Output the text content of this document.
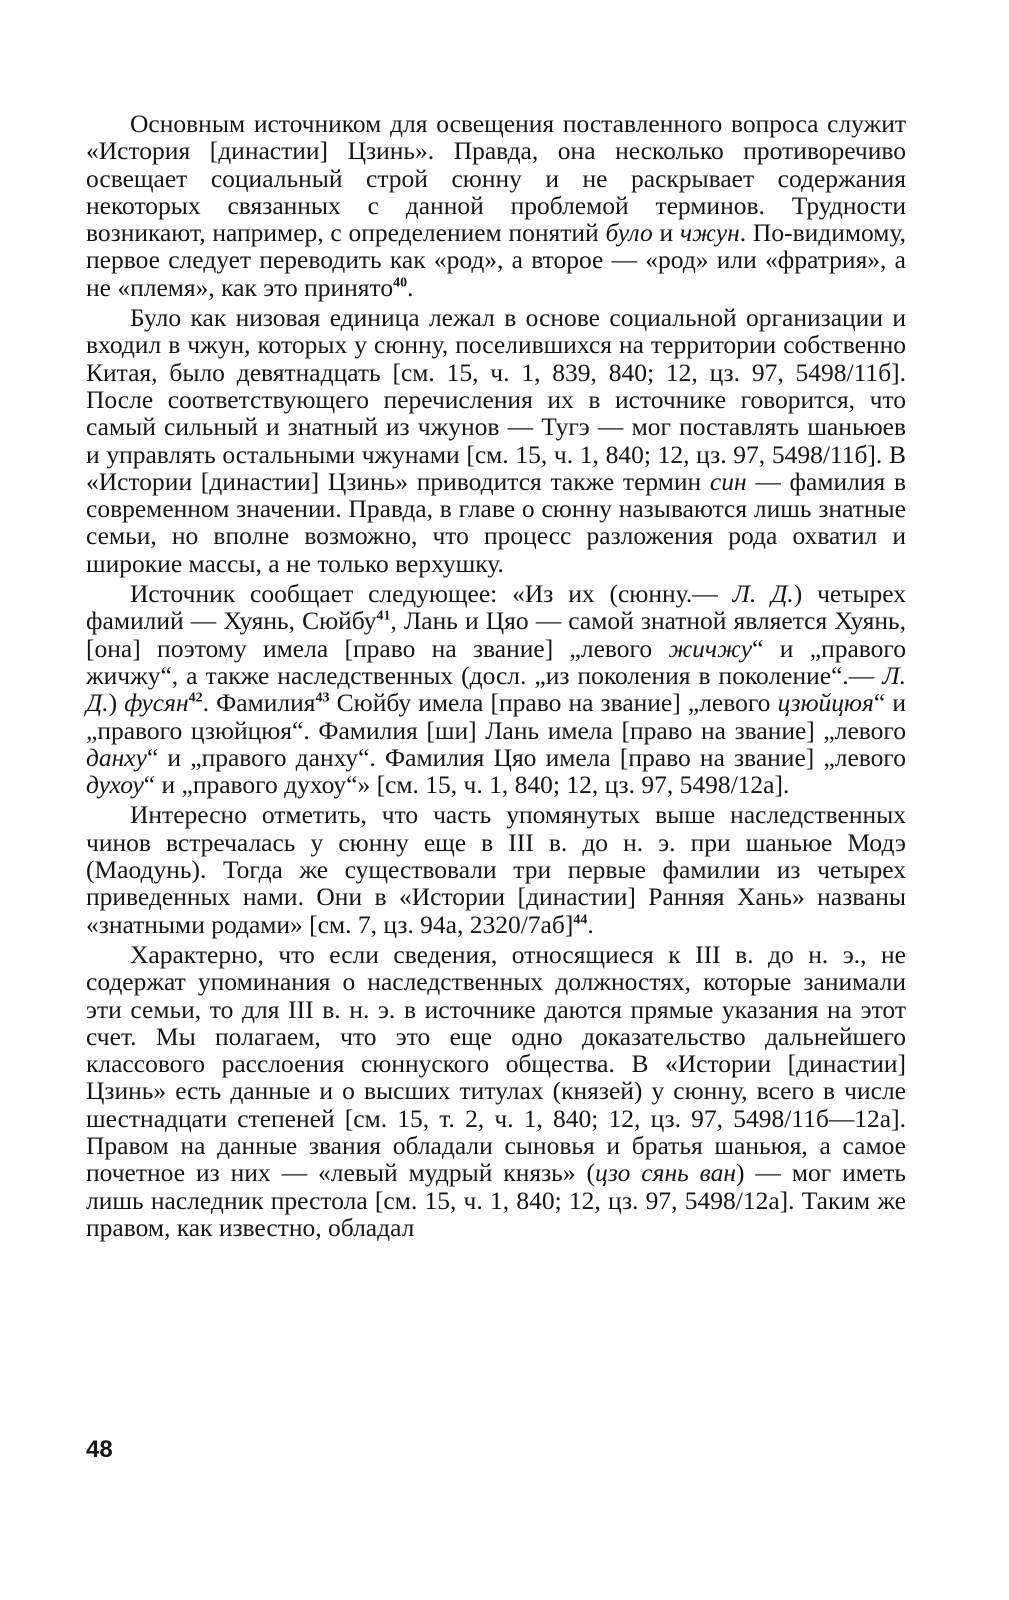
Основным источником для освещения поставленного вопроса служит «История [династии] Цзинь». Правда, она несколько противоречиво освещает социальный строй сюнну и не раскрывает содержания некоторых связанных с данной проблемой терминов. Трудности возникают, например, с определением понятий було и чжун. По-видимому, первое следует переводить как «род», а второе — «род» или «фратрия», а не «племя», как это принято$^{40}$.

Було как низовая единица лежал в основе социальной организации и входил в чжун, которых у сюнну, поселившихся на территории собственно Китая, было девятнадцать [см. 15, ч. 1, 839, 840; 12, цз. 97, 5498/11б]. После соответствующего перечисления их в источнике говорится, что самый сильный и знатный из чжунов — Тугэ — мог поставлять шаньюев и управлять остальными чжунами [см. 15, ч. 1, 840; 12, цз. 97, 5498/11б]. В «Истории [династии] Цзинь» приводится также термин син — фамилия в современном значении. Правда, в главе о сюнну называются лишь знатные семьи, но вполне возможно, что процесс разложения рода охватил и широкие массы, а не только верхушку.

Источник сообщает следующее: «Из их (сюнну.— Л. Д.) четырех фамилий — Хуянь, Сюйбу$^{41}$, Лань и Цяо — самой знатной является Хуянь, [она] поэтому имела [право на звание] „левого жичжу“ и „правого жичжу“, а также наследственных (досл. „из поколения в поколение“.— Л. Д.) фусян$^{42}$. Фамилия$^{43}$ Сюйбу имела [право на звание] „левого цзюйцюя“ и „правого цзюйцюя“. Фамилия [ши] Лань имела [право на звание] „левого данху“ и „правого данху“. Фамилия Цяо имела [право на звание] „левого духоу“ и „правого духоу“» [см. 15, ч. 1, 840; 12, цз. 97, 5498/12а].

Интересно отметить, что часть упомянутых выше наследственных чинов встречалась у сюнну еще в III в. до н. э. при шаньюе Модэ (Маодунь). Тогда же существовали три первые фамилии из четырех приведенных нами. Они в «Истории [династии] Ранняя Хань» названы «знатными родами» [см. 7, цз. 94а, 2320/7аб]$^{44}$.

Характерно, что если сведения, относящиеся к III в. до н. э., не содержат упоминания о наследственных должностях, которые занимали эти семьи, то для III в. н. э. в источнике даются прямые указания на этот счет. Мы полагаем, что это еще одно доказательство дальнейшего классового расслоения сюннуского общества. В «Истории [династии] Цзинь» есть данные и о высших титулах (князей) у сюнну, всего в числе шестнадцати степеней [см. 15, т. 2, ч. 1, 840; 12, цз. 97, 5498/11б—12а]. Правом на данные звания обладали сыновья и братья шаньюя, а самое почетное из них — «левый мудрый князь» (цзо сянь ван) — мог иметь лишь наследник престола [см. 15, ч. 1, 840; 12, цз. 97, 5498/12а]. Таким же правом, как известно, обладал

48
